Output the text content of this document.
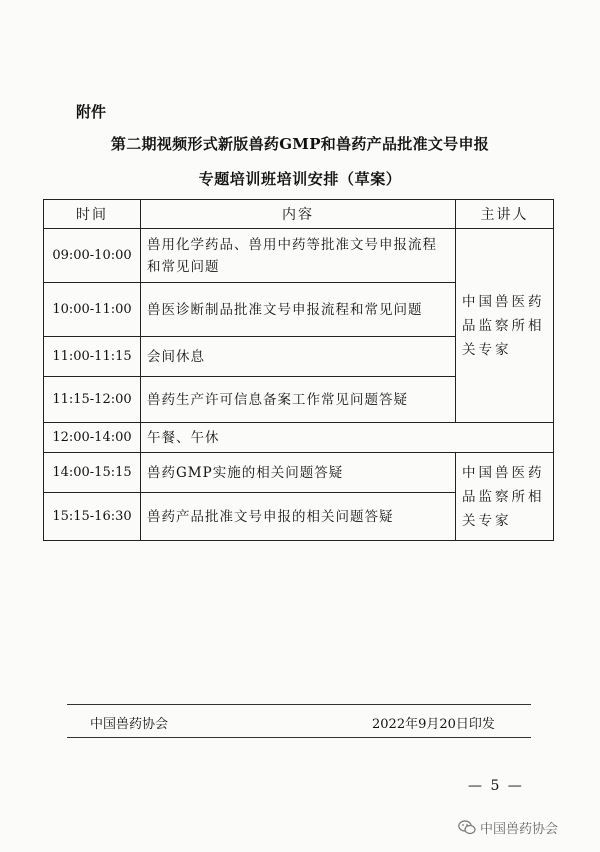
附件
第二期视频形式新版兽药GMP和兽药产品批准文号申报
专题培训班培训安排（草案）
时间	内容	主讲人
09:00-10:00	兽用化学药品、兽用中药等批准文号申报流程和常见问题	中国兽医药品监察所相关专家
10:00-11:00	兽医诊断制品批准文号申报流程和常见问题	
11:00-11:15	会间休息	
11:15-12:00	兽药生产许可信息备案工作常见问题答疑	
12:00-14:00	午餐、午休	
14:00-15:15	兽药GMP实施的相关问题答疑	中国兽医药品监察所相关专家
15:15-16:30	兽药产品批准文号申报的相关问题答疑	
中国兽药协会	2022年9月20日印发
— 5 —
中国兽药协会
